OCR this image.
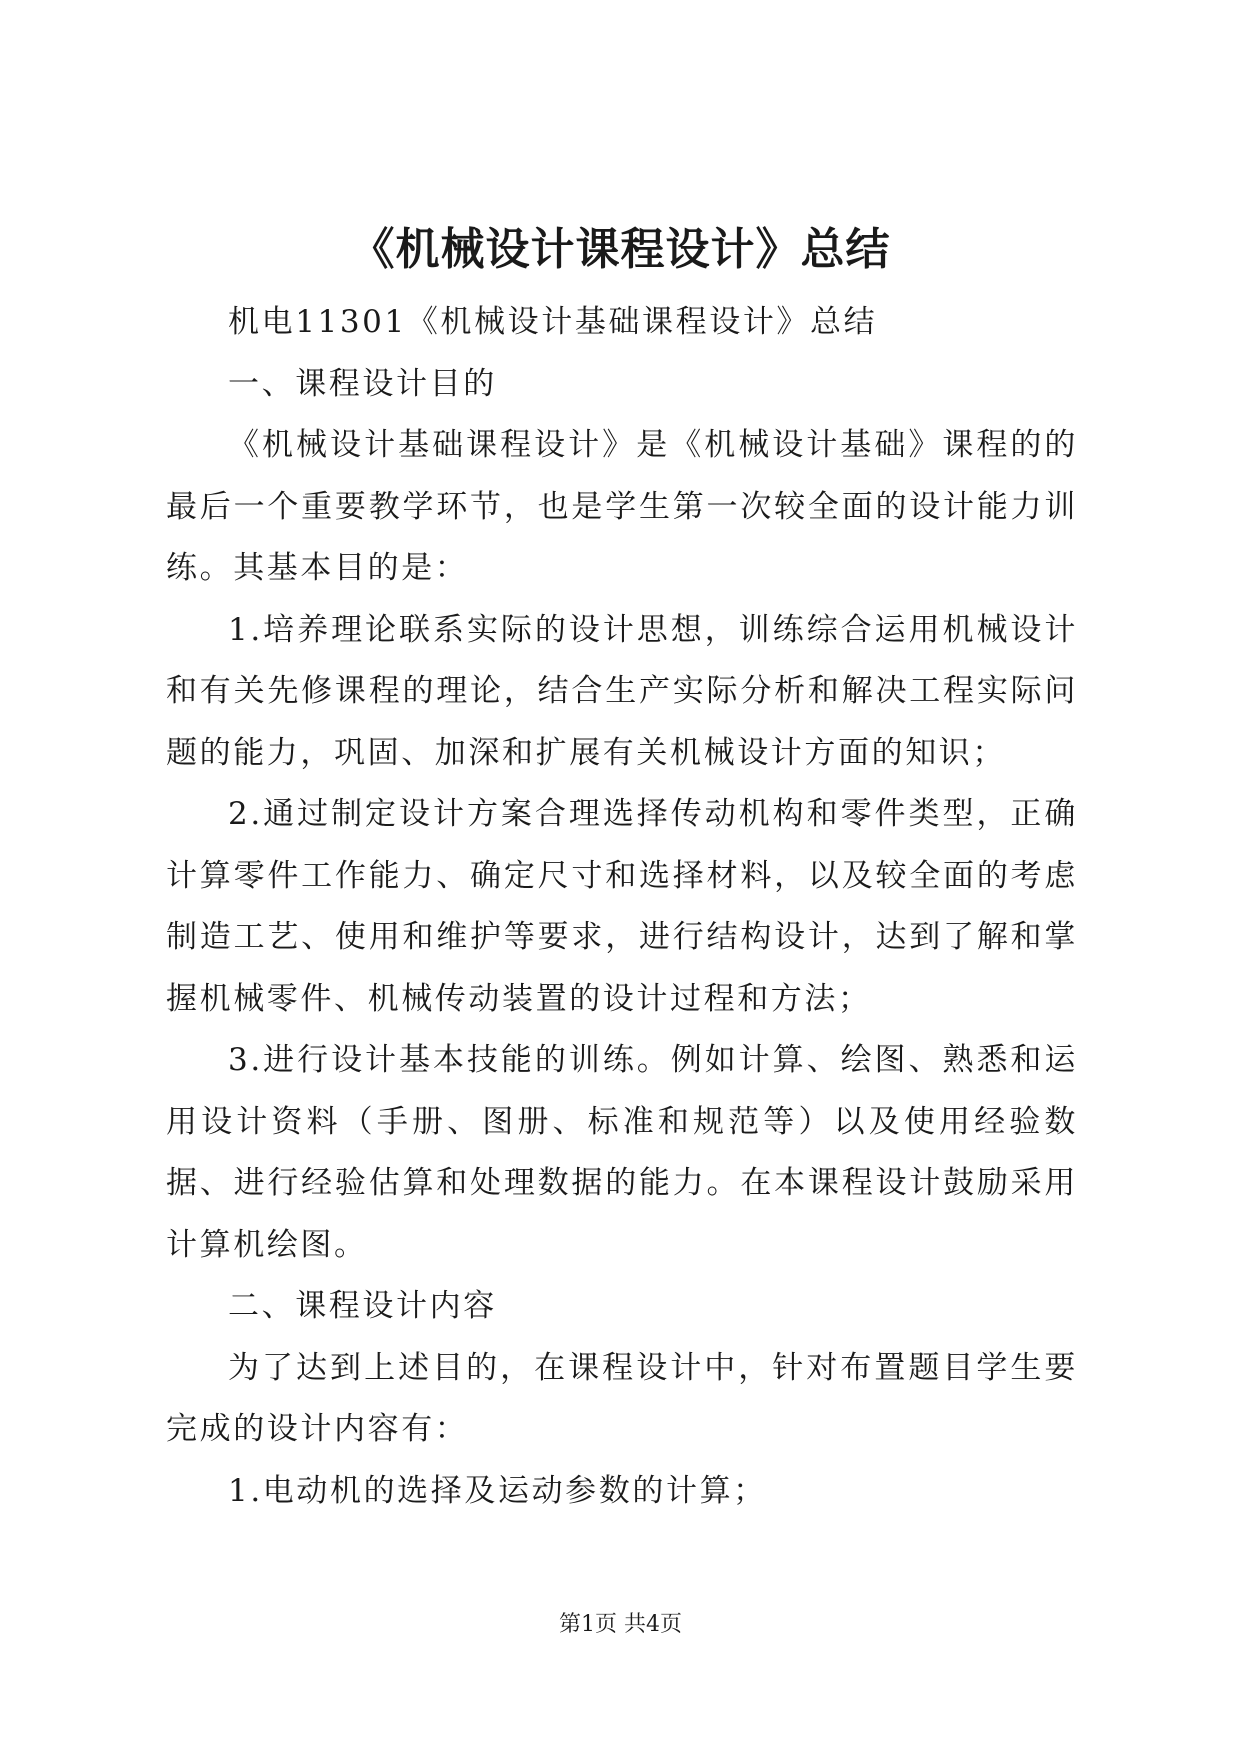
《机械设计课程设计》总结

机电11301《机械设计基础课程设计》总结

一、课程设计目的

《机械设计基础课程设计》是《机械设计基础》课程的的最后一个重要教学环节，也是学生第一次较全面的设计能力训练。其基本目的是：

1.培养理论联系实际的设计思想，训练综合运用机械设计和有关先修课程的理论，结合生产实际分析和解决工程实际问题的能力，巩固、加深和扩展有关机械设计方面的知识；

2.通过制定设计方案合理选择传动机构和零件类型，正确计算零件工作能力、确定尺寸和选择材料，以及较全面的考虑制造工艺、使用和维护等要求，进行结构设计，达到了解和掌握机械零件、机械传动装置的设计过程和方法；

3.进行设计基本技能的训练。例如计算、绘图、熟悉和运用设计资料（手册、图册、标准和规范等）以及使用经验数据、进行经验估算和处理数据的能力。在本课程设计鼓励采用计算机绘图。

二、课程设计内容

为了达到上述目的，在课程设计中，针对布置题目学生要完成的设计内容有：

1.电动机的选择及运动参数的计算；

第1页 共4页
